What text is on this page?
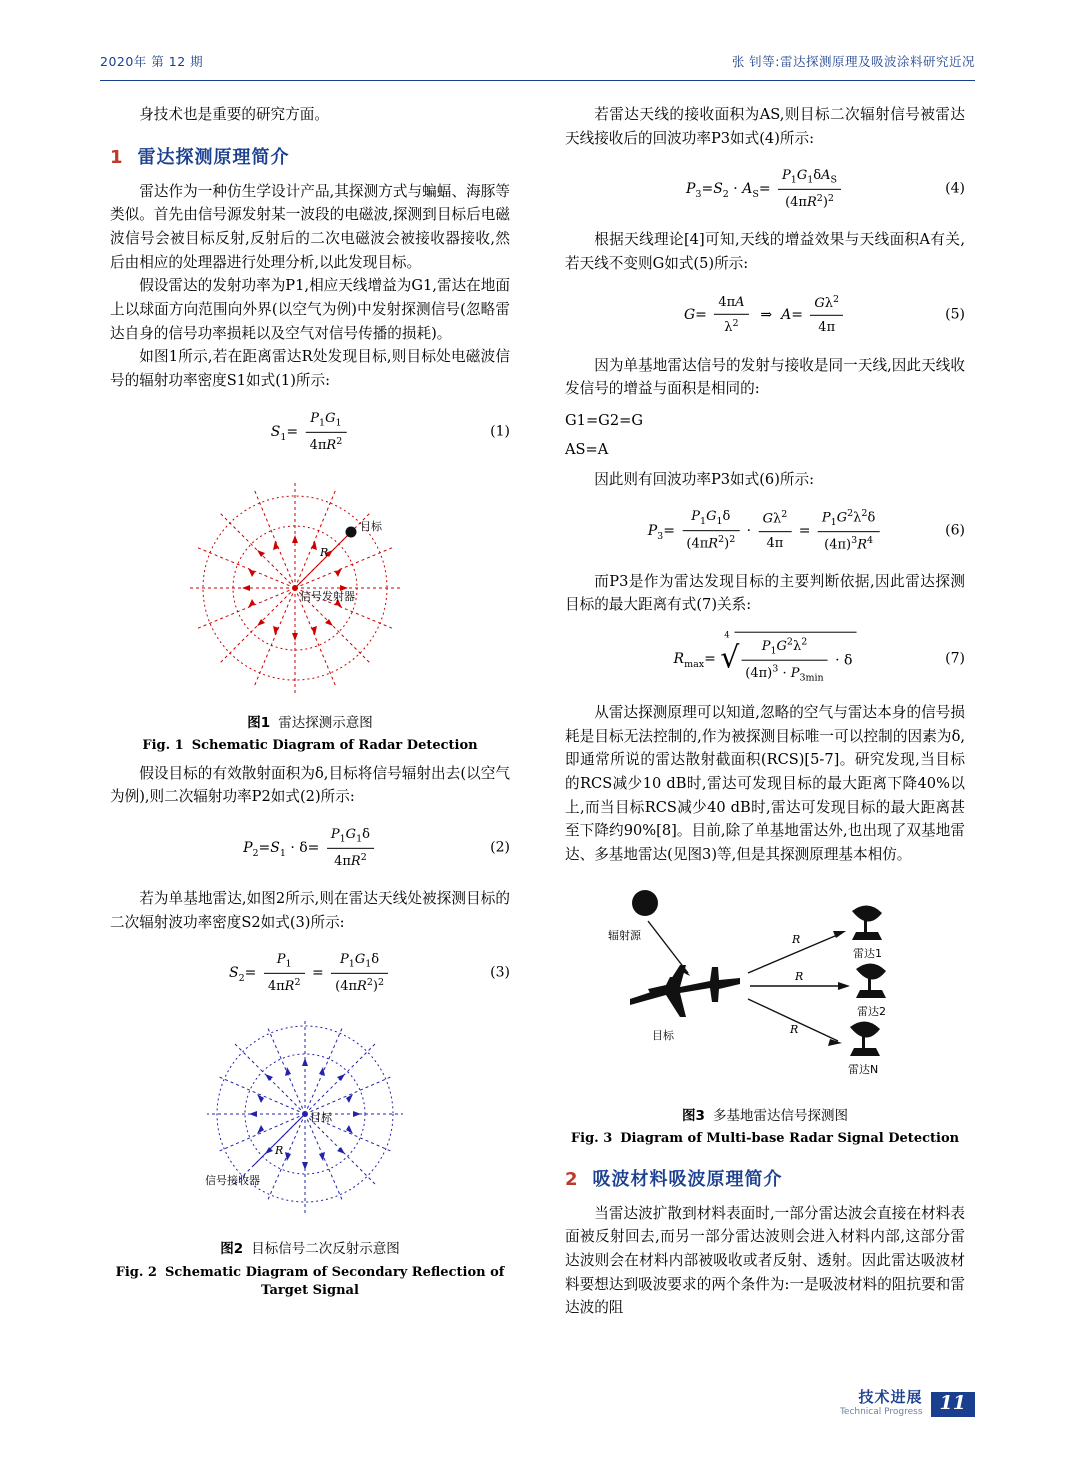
2020年 第 12 期	张 钊等:雷达探测原理及吸波涂料研究近况

身技术也是重要的研究方面。

1 雷达探测原理简介

雷达作为一种仿生学设计产品,其探测方式与蝙蝠、海豚等类似。首先由信号源发射某一波段的电磁波,探测到目标后电磁波信号会被目标反射,反射后的二次电磁波会被接收器接收,然后由相应的处理器进行处理分析,以此发现目标。

假设雷达的发射功率为P1,相应天线增益为G1,雷达在地面上以球面方向范围向外界(以空气为例)中发射探测信号(忽略雷达自身的信号功率损耗以及空气对信号传播的损耗)。

如图1所示,若在距离雷达R处发现目标,则目标处电磁波信号的辐射功率密度S1如式(1)所示:

$S_1= \frac{P_1G_1}{4\pi R^2}$	(1)
目标
R
信号发射器
图1 雷达探测示意图
Fig. 1 Schematic Diagram of Radar Detection

假设目标的有效散射面积为δ,目标将信号辐射出去(以空气为例),则二次辐射功率P2如式(2)所示:

$P_2=S_1 \cdot \delta= \frac{P_1G_1\delta}{4\pi R^2}$	(2)

若为单基地雷达,如图2所示,则在雷达天线处被探测目标的二次辐射波功率密度S2如式(3)所示:

$S_2= \frac{P_1}{4\pi R^2} = \frac{P_1G_1\delta}{(4\pi R^2)^2}$	(3)
目标
R
信号接收器
图2 目标信号二次反射示意图
Fig. 2 Schematic Diagram of Secondary Reflection of
Target Signal

若雷达天线的接收面积为AS,则目标二次辐射信号被雷达天线接收后的回波功率P3如式(4)所示:

$P_3=S_2 \cdot A_S= \frac{P_1G_1\delta A_S}{(4\pi R^2)^2}$	(4)

根据天线理论[4]可知,天线的增益效果与天线面积A有关,若天线不变则G如式(5)所示:

$G= \frac{4\pi A}{\lambda^2}$ ⇒  $A= \frac{G\lambda^2}{4\pi}$	(5)

因为单基地雷达信号的发射与接收是同一天线,因此天线收发信号的增益与面积是相同的:

G1=G2=G

AS=A

因此则有回波功率P3如式(6)所示:

$P_3= \frac{P_1G_1\delta}{(4\pi R^2)^2} \cdot \frac{G\lambda^2}{4\pi} = \frac{P_1G^2\lambda^2\delta}{(4\pi)^3R^4}$	(6)

而P3是作为雷达发现目标的主要判断依据,因此雷达探测目标的最大距离有式(7)关系:

$R_{max}=$
4
√ $\frac{P_1G^2\lambda^2}{(4\pi)^3 \cdot P_{3min}} \cdot \delta$	(7)

从雷达探测原理可以知道,忽略的空气与雷达本身的信号损耗是目标无法控制的,作为被探测目标唯一可以控制的因素为δ,即通常所说的雷达散射截面积(RCS)[5-7]。研究发现,当目标的RCS减少10 dB时,雷达可发现目标的最大距离下降40%以上,而当目标RCS减少40 dB时,雷达可发现目标的最大距离甚至下降约90%[8]。目前,除了单基地雷达外,也出现了双基地雷达、多基地雷达(见图3)等,但是其探测原理基本相仿。

辐射源
目标
R
R
R
雷达1
雷达2
雷达N
图3 多基地雷达信号探测图
Fig. 3 Diagram of Multi-base Radar Signal Detection
2 吸波材料吸波原理简介

当雷达波扩散到材料表面时,一部分雷达波会直接在材料表面被反射回去,而另一部分雷达波则会进入材料内部,这部分雷达波则会在材料内部被吸收或者反射、透射。因此雷达吸波材料要想达到吸波要求的两个条件为:一是吸波材料的阻抗要和雷达波的阻

技术进展
Technical Progress 11
